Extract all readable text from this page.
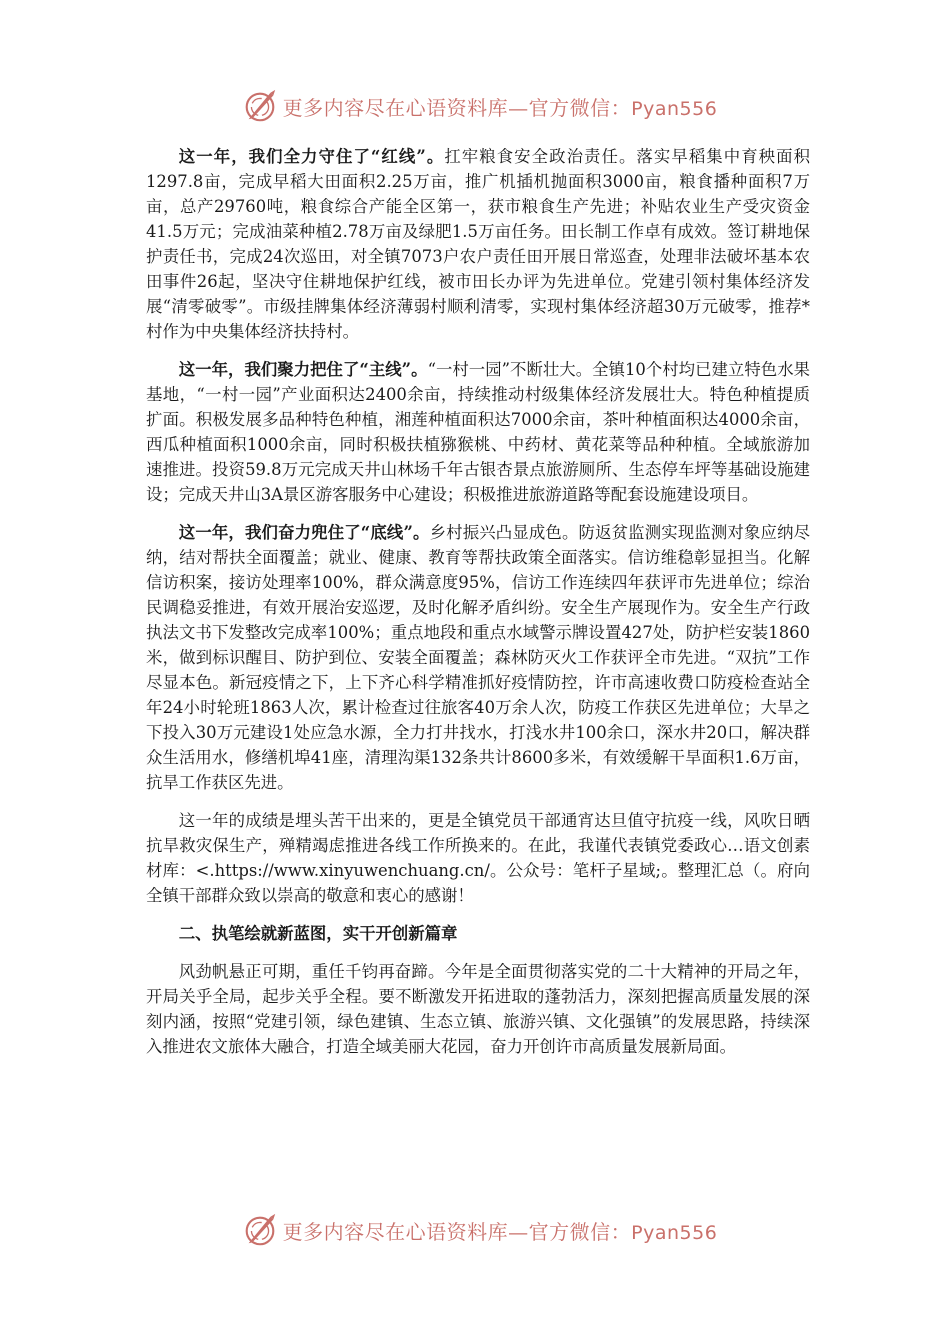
更多内容尽在心语资料库—官方微信：Pyan556

这一年，我们全力守住了“红线”。扛牢粮食安全政治责任。落实早稻集中育秧面积1297.8亩，完成早稻大田面积2.25万亩，推广机插机抛面积3000亩，粮食播种面积7万亩，总产29760吨，粮食综合产能全区第一，获市粮食生产先进；补贴农业生产受灾资金41.5万元；完成油菜种植2.78万亩及绿肥1.5万亩任务。田长制工作卓有成效。签订耕地保护责任书，完成24次巡田，对全镇7073户农户责任田开展日常巡查，处理非法破坏基本农田事件26起，坚决守住耕地保护红线，被市田长办评为先进单位。党建引领村集体经济发展“清零破零”。市级挂牌集体经济薄弱村顺利清零，实现村集体经济超30万元破零，推荐*村作为中央集体经济扶持村。

这一年，我们聚力把住了“主线”。“一村一园”不断壮大。全镇10个村均已建立特色水果基地，“一村一园”产业面积达2400余亩，持续推动村级集体经济发展壮大。特色种植提质扩面。积极发展多品种特色种植，湘莲种植面积达7000余亩，茶叶种植面积达4000余亩，西瓜种植面积1000余亩，同时积极扶植猕猴桃、中药材、黄花菜等品种种植。全域旅游加速推进。投资59.8万元完成天井山林场千年古银杏景点旅游厕所、生态停车坪等基础设施建设；完成天井山3A景区游客服务中心建设；积极推进旅游道路等配套设施建设项目。

这一年，我们奋力兜住了“底线”。乡村振兴凸显成色。防返贫监测实现监测对象应纳尽纳，结对帮扶全面覆盖；就业、健康、教育等帮扶政策全面落实。信访维稳彰显担当。化解信访积案，接访处理率100%，群众满意度95%，信访工作连续四年获评市先进单位；综治民调稳妥推进，有效开展治安巡逻，及时化解矛盾纠纷。安全生产展现作为。安全生产行政执法文书下发整改完成率100%；重点地段和重点水域警示牌设置427处，防护栏安装1860米，做到标识醒目、防护到位、安装全面覆盖；森林防灭火工作获评全市先进。“双抗”工作尽显本色。新冠疫情之下，上下齐心科学精准抓好疫情防控，许市高速收费口防疫检查站全年24小时轮班1863人次，累计检查过往旅客40万余人次，防疫工作获区先进单位；大旱之下投入30万元建设1处应急水源，全力打井找水，打浅水井100余口，深水井20口，解决群众生活用水，修缮机埠41座，清理沟渠132条共计8600多米，有效缓解干旱面积1.6万亩，抗旱工作获区先进。

这一年的成绩是埋头苦干出来的，更是全镇党员干部通宵达旦值守抗疫一线，风吹日晒抗旱救灾保生产，殚精竭虑推进各线工作所换来的。在此，我谨代表镇党委政心…语文创素材库：<.https://www.xinyuwenchuang.cn/。公众号：笔杆子星域;。整理汇总（。府向全镇干部群众致以崇高的敬意和衷心的感谢！

二、执笔绘就新蓝图，实干开创新篇章

风劲帆悬正可期，重任千钧再奋蹄。今年是全面贯彻落实党的二十大精神的开局之年，开局关乎全局，起步关乎全程。要不断激发开拓进取的蓬勃活力，深刻把握高质量发展的深刻内涵，按照“党建引领，绿色建镇、生态立镇、旅游兴镇、文化强镇”的发展思路，持续深入推进农文旅体大融合，打造全域美丽大花园，奋力开创许市高质量发展新局面。

更多内容尽在心语资料库—官方微信：Pyan556
